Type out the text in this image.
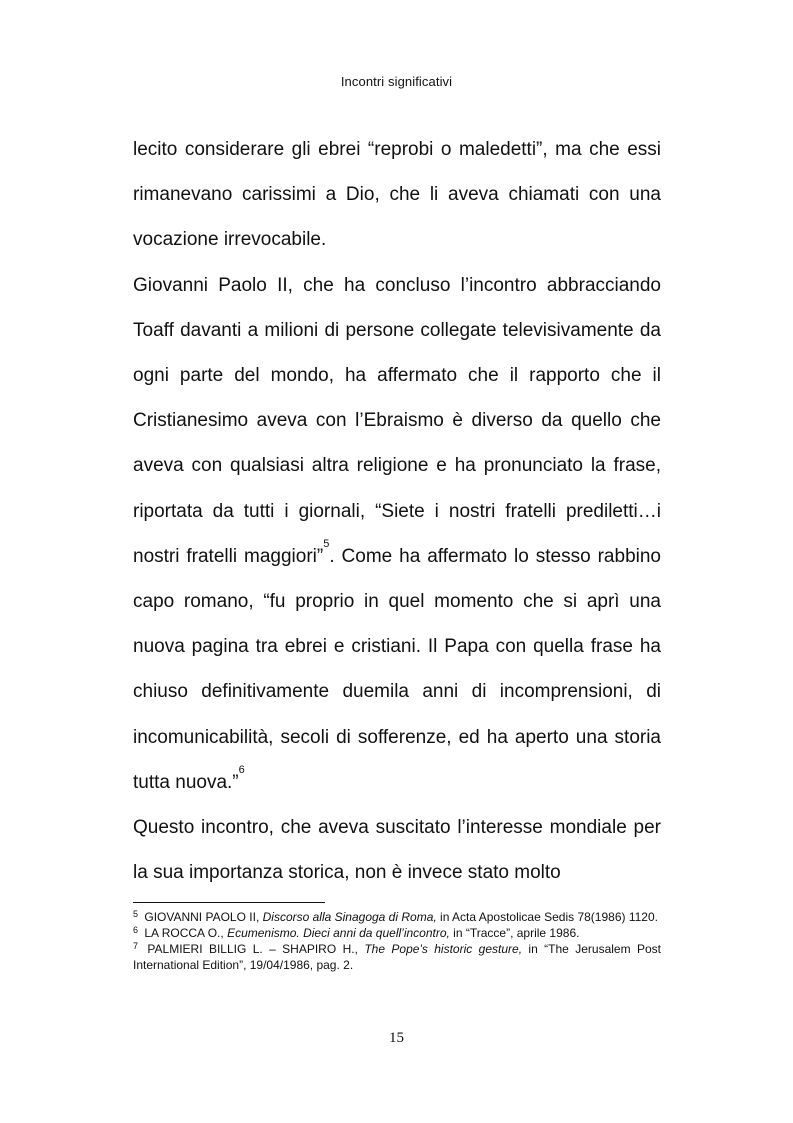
Incontri significativi

lecito considerare gli ebrei “reprobi o maledetti”, ma che essi rimanevano carissimi a Dio, che li aveva chiamati con una vocazione irrevocabile.

Giovanni Paolo II, che ha concluso l’incontro abbracciando Toaff davanti a milioni di persone collegate televisivamente da ogni parte del mondo, ha affermato che il rapporto che il Cristianesimo aveva con l’Ebraismo è diverso da quello che aveva con qualsiasi altra religione e ha pronunciato la frase, riportata da tutti i giornali, “Siete i nostri fratelli prediletti…i nostri fratelli maggiori”$^5$. Come ha affermato lo stesso rabbino capo romano, “fu proprio in quel momento che si aprì una nuova pagina tra ebrei e cristiani. Il Papa con quella frase ha chiuso definitivamente duemila anni di incomprensioni, di incomunicabilità, secoli di sofferenze, ed ha aperto una storia tutta nuova.”$^6$

Questo incontro, che aveva suscitato l’interesse mondiale per la sua importanza storica, non è invece stato molto

$^5$ GIOVANNI PAOLO II, Discorso alla Sinagoga di Roma, in Acta Apostolicae Sedis 78(1986) 1120.

$^6$ LA ROCCA O., Ecumenismo. Dieci anni da quell’incontro, in “Tracce”, aprile 1986.

$^7$ PALMIERI BILLIG L. – SHAPIRO H., The Pope’s historic gesture, in “The Jerusalem Post International Edition”, 19/04/1986, pag. 2.

15
